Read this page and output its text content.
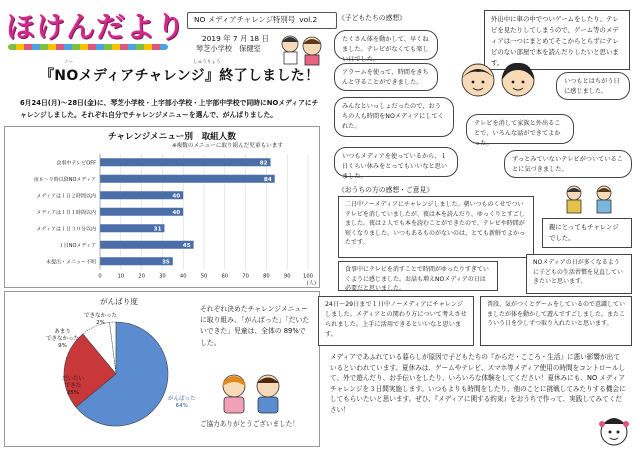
ほけんだより NO メディアチャレンジ特別号 vol.2
2019 年 7 月 18 日
琴芝小学校　保健室
ノー	しゅうりょう
『NOメディアチャレンジ』終了しました！
6月24日(月)～28日(金)に、琴芝小学校・上宇部小学校・上宇部中学校で同時にNOメディアにチャレンジしました。それぞれ自分でチャレンジメニューを選んで、がんばりました。
チャレンジメニュー別　取組人数
※複数のメニューに取り組んだ児童もいます
0	10	20	30	40	50	60	70	80	90 100
(人)
食事中テレビOFF	82
夜８～９時以降NOメディア	84
メディアは１日２時間以内	40
メディアは１日１時間以内	40
メディアは１日３０分以内	31
１日NOメディア	45
未提出・メニュー不明	35
がんばり度
できなかった
2%
あまり
できなかった
9%
だいたい
できた
25%
がんばった
64%
それぞれ決めたチャレンジメニューに取り組み、「がんばった」「だいたいできた」児童は、全体の 89%でした。
ご協力ありがとうございました！
《子どもたちの感想》	外出中に車の中でついゲームをしたり、テレビを見たりしてしまうので、ゲーム等のメディアは一つにまとめてそこからとらずにテレビのない部屋で本を読んだりしたいと思います。
たくさん体を動かして、早くねました。テレビがなくても楽しい日でした。
アラームを使って、時間をきちんと守ることができました。	いつもとはちがう日に感じました。
みんなといっしょだったので、おうちの人も時間をNOメディアにしてくれた。	テレビを消して家族と外出ることで、いろんな話ができてよかった。
いつもメディアを使っているから、１日くらい休みをとってもいいなと思いました。
ずっとみていないテレビがついていることに気づきました。
《おうちの方の感想・ご意見》
二日中ノーメディアにチャレンジしました。朝いつものくせでついテレビを消していましたが、夜は本を読んだり、ゆっくりとすごしました。夜は２人でも本を読むことができたので、テレビや時間が短くなりました。いつもあるものがないのは、とても新鮮でよかったです。
食事中にテレビを消すことで時間がゆったりすぎていくように感じました。お話も増えNOメディアの日は必要だと思いました。
親にとってもチャレンジでした。
NOメディアの日が多くなるように子どもの生活習慣を見直していきたいと思います。
24日～29日まで１日中ノーメディアにチャレンジしました。メディアとの関わり方について考えさせられました。上手に活用できるといいなと思います。
普段、気がつくとゲームをしているので意識していましたが体を動かして遊んですごしました。またこういう日を少しずつ取り入れたいと思います。
メディアであふれている暮らしが原因で子どもたちの『からだ・こころ・生活』に悪い影響が出ているといわれています。夏休みは、ゲームやテレビ、スマホ等メディア使用の時間をコントロールして、外で遊んだり、お手伝いをしたり、いろいろな体験をしてください！夏休みにも、NO メディアチャレンジを３日間実施します。いつもよりも時間をしたり、他のことに挑戦してみたりする機会にしてもらいたいと思います。ぜひ、『メディアに関する約束』をおうちで作って、実践してみてください！
